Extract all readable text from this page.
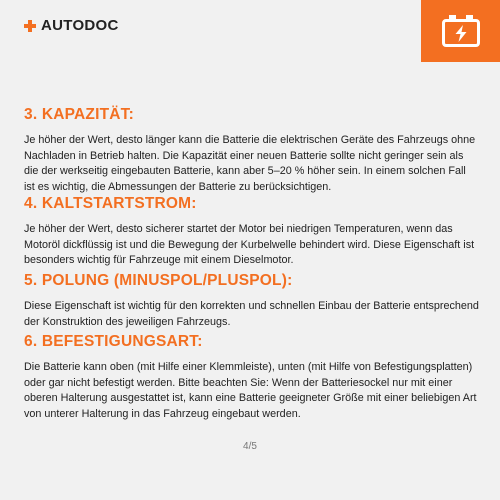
AUTODOC
3. KAPAZITÄT:

Je höher der Wert, desto länger kann die Batterie die elektrischen Geräte des Fahrzeugs ohne Nachladen in Betrieb halten. Die Kapazität einer neuen Batterie sollte nicht geringer sein als die der werkseitig eingebauten Batterie, kann aber 5–20 % höher sein. In einem solchen Fall ist es wichtig, die Abmessungen der Batterie zu berücksichtigen.

4. KALTSTARTSTROM:

Je höher der Wert, desto sicherer startet der Motor bei niedrigen Temperaturen, wenn das Motoröl dickflüssig ist und die Bewegung der Kurbelwelle behindert wird. Diese Eigenschaft ist besonders wichtig für Fahrzeuge mit einem Dieselmotor.

5. POLUNG (MINUSPOL/PLUSPOL):

Diese Eigenschaft ist wichtig für den korrekten und schnellen Einbau der Batterie entsprechend der Konstruktion des jeweiligen Fahrzeugs.

6. BEFESTIGUNGSART:

Die Batterie kann oben (mit Hilfe einer Klemmleiste), unten (mit Hilfe von Befestigungsplatten) oder gar nicht befestigt werden. Bitte beachten Sie: Wenn der Batteriesockel nur mit einer oberen Halterung ausgestattet ist, kann eine Batterie geeigneter Größe mit einer beliebigen Art von unterer Halterung in das Fahrzeug eingebaut werden.

4/5
